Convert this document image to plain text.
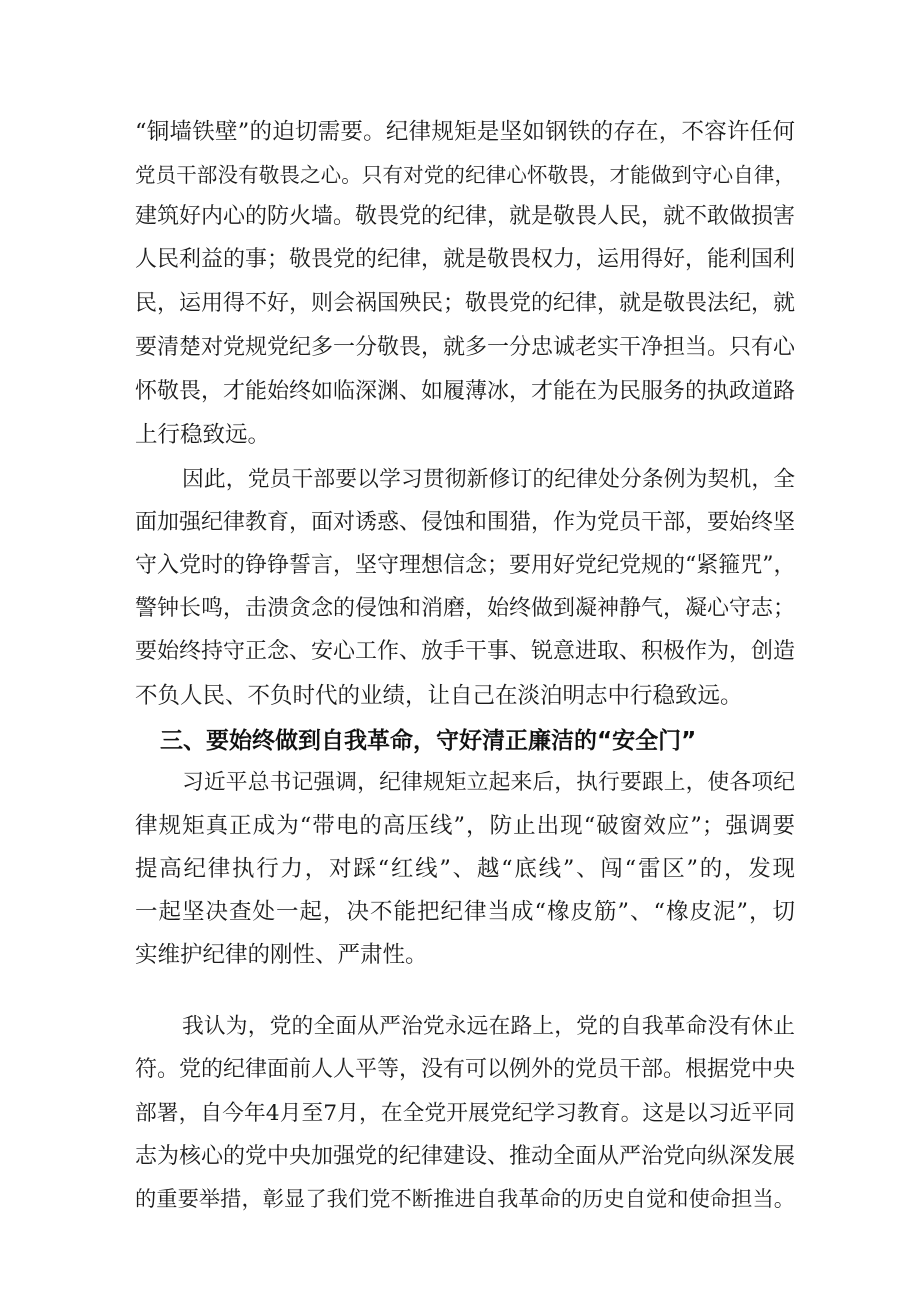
“铜墙铁壁”的迫切需要。纪律规矩是坚如钢铁的存在，不容许任何
党员干部没有敬畏之心。只有对党的纪律心怀敬畏，才能做到守心自律，
建筑好内心的防火墙。敬畏党的纪律，就是敬畏人民，就不敢做损害
人民利益的事；敬畏党的纪律，就是敬畏权力，运用得好，能利国利
民，运用得不好，则会祸国殃民；敬畏党的纪律，就是敬畏法纪，就
要清楚对党规党纪多一分敬畏，就多一分忠诚老实干净担当。只有心
怀敬畏，才能始终如临深渊、如履薄冰，才能在为民服务的执政道路
上行稳致远。
因此，党员干部要以学习贯彻新修订的纪律处分条例为契机，全
面加强纪律教育，面对诱惑、侵蚀和围猎，作为党员干部，要始终坚
守入党时的铮铮誓言，坚守理想信念；要用好党纪党规的“紧箍咒”，
警钟长鸣，击溃贪念的侵蚀和消磨，始终做到凝神静气，凝心守志；
要始终持守正念、安心工作、放手干事、锐意进取、积极作为，创造
不负人民、不负时代的业绩，让自己在淡泊明志中行稳致远。
三、要始终做到自我革命，守好清正廉洁的“安全门”
习近平总书记强调，纪律规矩立起来后，执行要跟上，使各项纪
律规矩真正成为“带电的高压线”，防止出现“破窗效应”；强调要
提高纪律执行力，对踩“红线”、越“底线”、闯“雷区”的，发现
一起坚决查处一起，决不能把纪律当成“橡皮筋”、“橡皮泥”，切
实维护纪律的刚性、严肃性。
我认为，党的全面从严治党永远在路上，党的自我革命没有休止
符。党的纪律面前人人平等，没有可以例外的党员干部。根据党中央
部署，自今年4月至7月，在全党开展党纪学习教育。这是以习近平同
志为核心的党中央加强党的纪律建设、推动全面从严治党向纵深发展
的重要举措，彰显了我们党不断推进自我革命的历史自觉和使命担当。
